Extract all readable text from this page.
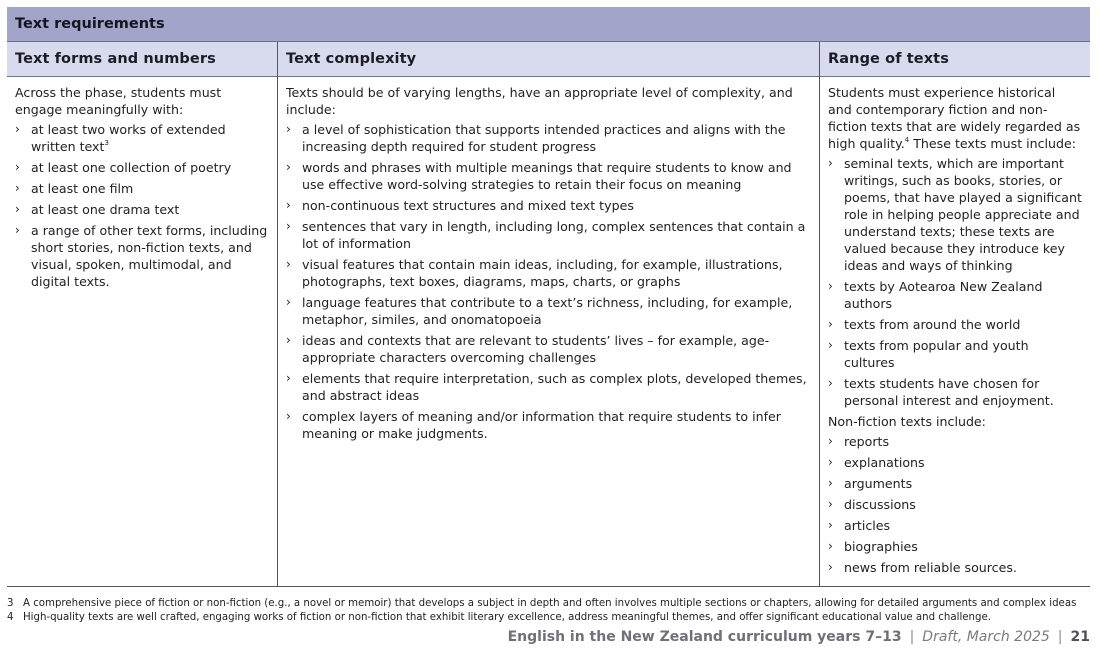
Text requirements
Text forms and numbers

Across the phase, students must engage meaningfully with:

› at least two works of extended written text$^3$
› at least one collection of poetry
› at least one film
› at least one drama text
› a range of other text forms, including short stories, non-fiction texts, and visual, spoken, multimodal, and digital texts.
Text complexity

Texts should be of varying lengths, have an appropriate level of complexity, and include:

› a level of sophistication that supports intended practices and aligns with the increasing depth required for student progress
› words and phrases with multiple meanings that require students to know and use effective word-solving strategies to retain their focus on meaning
› non-continuous text structures and mixed text types
› sentences that vary in length, including long, complex sentences that contain a lot of information
› visual features that contain main ideas, including, for example, illustrations, photographs, text boxes, diagrams, maps, charts, or graphs
› language features that contribute to a text’s richness, including, for example, metaphor, similes, and onomatopoeia
› ideas and contexts that are relevant to students’ lives – for example, age-appropriate characters overcoming challenges
› elements that require interpretation, such as complex plots, developed themes, and abstract ideas
› complex layers of meaning and/or information that require students to infer meaning or make judgments.
Range of texts

Students must experience historical and contemporary fiction and non-fiction texts that are widely regarded as high quality.$^4$ These texts must include:

› seminal texts, which are important writings, such as books, stories, or poems, that have played a significant role in helping people appreciate and understand texts; these texts are valued because they introduce key ideas and ways of thinking
› texts by Aotearoa New Zealand authors
› texts from around the world
› texts from popular and youth cultures
› texts students have chosen for personal interest and enjoyment.

Non-fiction texts include:

› reports
› explanations
› arguments
› discussions
› articles
› biographies
› news from reliable sources.
3 A comprehensive piece of fiction or non-fiction (e.g., a novel or memoir) that develops a subject in depth and often involves multiple sections or chapters, allowing for detailed arguments and complex ideas
4 High-quality texts are well crafted, engaging works of fiction or non-fiction that exhibit literary excellence, address meaningful themes, and offer significant educational value and challenge.
English in the New Zealand curriculum years 7–13 | Draft, March 2025 | 21
